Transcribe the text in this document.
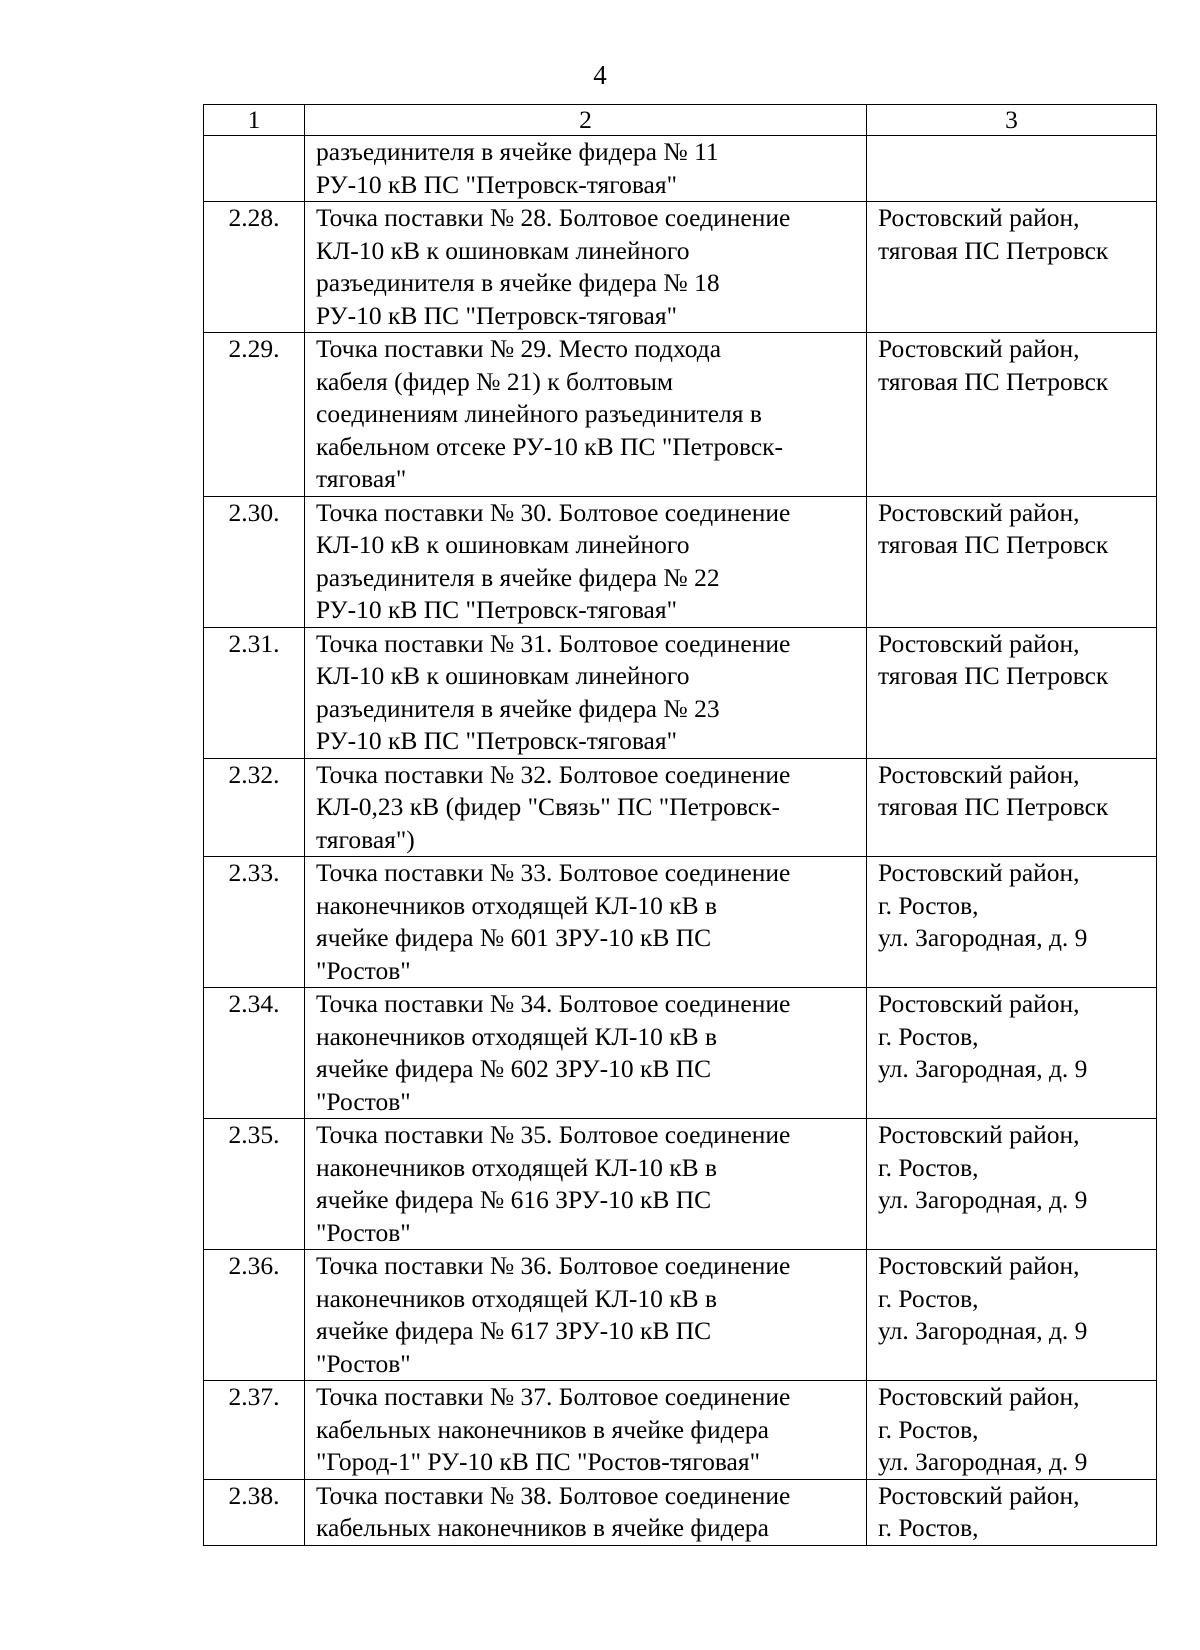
4
1	2	3

	разъединителя в ячейке фидера № 11
РУ-10 кВ ПС "Петровск-тяговая"	

2.28.	Точка поставки № 28. Болтовое соединение
КЛ-10 кВ к ошиновкам линейного
разъединителя в ячейке фидера № 18
РУ-10 кВ ПС "Петровск-тяговая"	Ростовский район,
тяговая ПС Петровск

2.29.	Точка поставки № 29. Место подхода
кабеля (фидер № 21) к болтовым
соединениям линейного разъединителя в
кабельном отсеке РУ-10 кВ ПС "Петровск-
тяговая"	Ростовский район,
тяговая ПС Петровск

2.30.	Точка поставки № 30. Болтовое соединение
КЛ-10 кВ к ошиновкам линейного
разъединителя в ячейке фидера № 22
РУ-10 кВ ПС "Петровск-тяговая"	Ростовский район,
тяговая ПС Петровск

2.31.	Точка поставки № 31. Болтовое соединение
КЛ-10 кВ к ошиновкам линейного
разъединителя в ячейке фидера № 23
РУ-10 кВ ПС "Петровск-тяговая"	Ростовский район,
тяговая ПС Петровск

2.32.	Точка поставки № 32. Болтовое соединение
КЛ-0,23 кВ (фидер "Связь" ПС "Петровск-
тяговая")	Ростовский район,
тяговая ПС Петровск

2.33.	Точка поставки № 33. Болтовое соединение
наконечников отходящей КЛ-10 кВ в
ячейке фидера № 601 ЗРУ-10 кВ ПС
"Ростов"	Ростовский район,
г. Ростов,
ул. Загородная, д. 9

2.34.	Точка поставки № 34. Болтовое соединение
наконечников отходящей КЛ-10 кВ в
ячейке фидера № 602 ЗРУ-10 кВ ПС
"Ростов"	Ростовский район,
г. Ростов,
ул. Загородная, д. 9

2.35.	Точка поставки № 35. Болтовое соединение
наконечников отходящей КЛ-10 кВ в
ячейке фидера № 616 ЗРУ-10 кВ ПС
"Ростов"	Ростовский район,
г. Ростов,
ул. Загородная, д. 9

2.36.	Точка поставки № 36. Болтовое соединение
наконечников отходящей КЛ-10 кВ в
ячейке фидера № 617 ЗРУ-10 кВ ПС
"Ростов"	Ростовский район,
г. Ростов,
ул. Загородная, д. 9

2.37.	Точка поставки № 37. Болтовое соединение
кабельных наконечников в ячейке фидера
"Город-1" РУ-10 кВ ПС "Ростов-тяговая"	Ростовский район,
г. Ростов,
ул. Загородная, д. 9

2.38.	Точка поставки № 38. Болтовое соединение
кабельных наконечников в ячейке фидера	Ростовский район,
г. Ростов,
